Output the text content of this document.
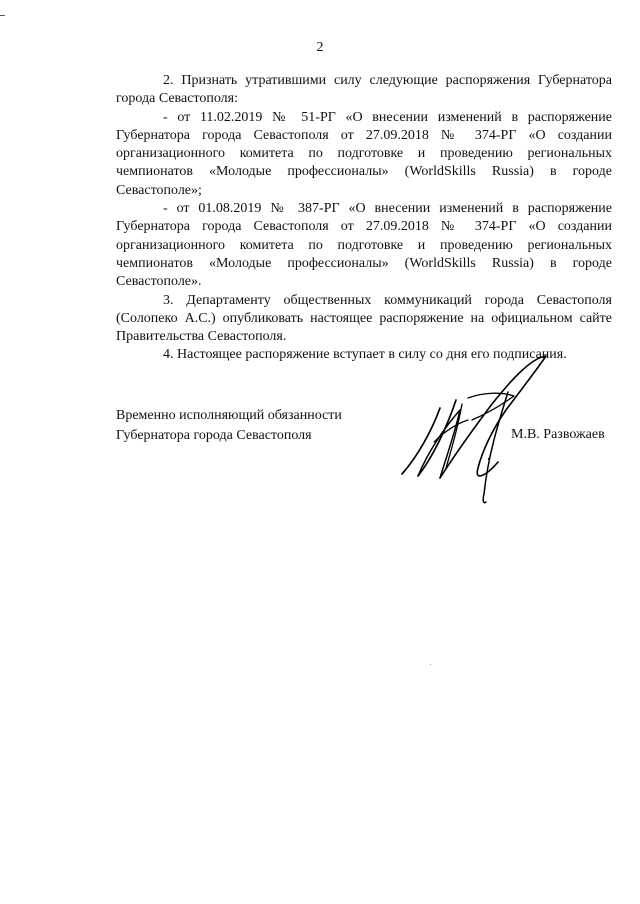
2

2. Признать утратившими силу следующие распоряжения Губернатора города Севастополя:

- от 11.02.2019 № 51-РГ «О внесении изменений в распоряжение Губернатора города Севастополя от 27.09.2018 № 374-РГ «О создании организационного комитета по подготовке и проведению региональных чемпионатов «Молодые профессионалы» (WorldSkills Russia) в городе Севастополе»;

- от 01.08.2019 № 387-РГ «О внесении изменений в распоряжение Губернатора города Севастополя от 27.09.2018 № 374-РГ «О создании организационного комитета по подготовке и проведению региональных чемпионатов «Молодые профессионалы» (WorldSkills Russia) в городе Севастополе».

3. Департаменту общественных коммуникаций города Севастополя (Солопеко А.С.) опубликовать настоящее распоряжение на официальном сайте Правительства Севастополя.

4. Настоящее распоряжение вступает в силу со дня его подписания.

Временно исполняющий обязанности
Губернатора города Севастополя	М.В. Развожаев
